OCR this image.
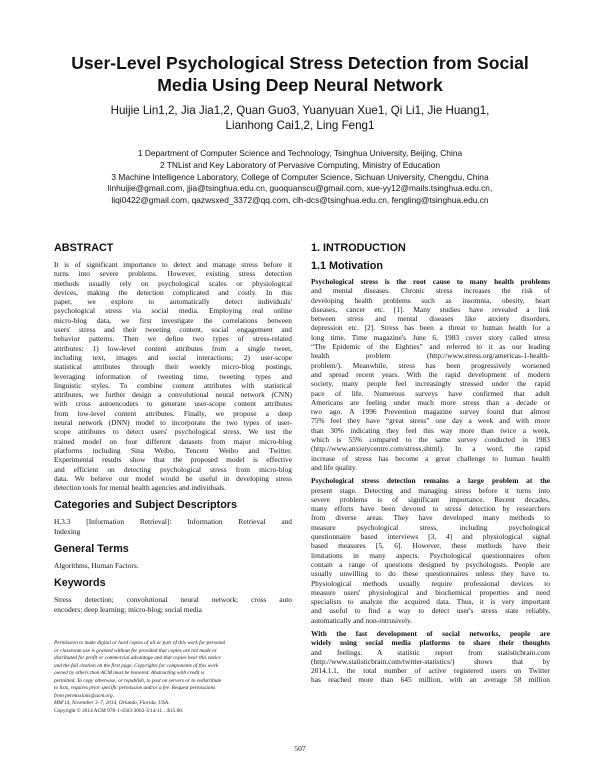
User-Level Psychological Stress Detection from Social
Media Using Deep Neural Network
Huijie Lin1,2, Jia Jia1,2, Quan Guo3, Yuanyuan Xue1, Qi Li1, Jie Huang1,
Lianhong Cai1,2, Ling Feng1
1 Department of Computer Science and Technology, Tsinghua University, Beijing, China
2 TNList and Key Laboratory of Pervasive Computing, Ministry of Education
3 Machine Intelligence Laboratory, College of Computer Science, Sichuan University, Chengdu, China
linhuijie@gmail.com, jjia@tsinghua.edu.cn, guoquanscu@gmail.com, xue-yy12@mails.tsinghua.edu.cn,
liqi0422@gmail.com, qazwsxed_3372@qq.com, clh-dcs@tsinghua.edu.cn, fengling@tsinghua.edu.cn
ABSTRACT
It is of significant importance to detect and manage stress before it
turns into severe problems. However, existing stress detection
methods usually rely on psychological scales or physiological
devices, making the detection complicated and costly. In this
paper, we explore to automatically detect individuals'
psychological stress via social media. Employing real online
micro-blog data, we first investigate the correlations between
users' stress and their tweeting content, social engagement and
behavior patterns. Then we define two types of stress-related
attributes: 1) low-level content attributes from a single tweet,
including text, images and social interactions; 2) user-scope
statistical attributes through their weekly micro-blog postings,
leveraging information of tweeting time, tweeting types and
linguistic styles. To combine content attributes with statistical
attributes, we further design a convolutional neural network (CNN)
with cross autoencoders to generate user-scope content attributes
from low-level content attributes. Finally, we propose a deep
neural network (DNN) model to incorporate the two types of user-
scope attributes to detect users' psychological stress. We test the
trained model on four different datasets from major micro-blog
platforms including Sina Weibo, Tencent Weibo and Twitter.
Experimental results show that the proposed model is effective
and efficient on detecting psychological stress from micro-blog
data. We believe our model would be useful in developing stress
detection tools for mental health agencies and individuals.
Categories and Subject Descriptors
H.3.3 [Information Retrieval]: Information Retrieval and
Indexing
General Terms
Algorithms, Human Factors.
Keywords
Stress detection; convolutional neural network; cross auto
encoders; deep learning; micro-blog; social media
Permission to make digital or hard copies of all or part of this work for personal
or classroom use is granted without fee provided that copies are not made or
distributed for profit or commercial advantage and that copies bear this notice
and the full citation on the first page. Copyrights for components of this work
owned by others than ACM must be honored. Abstracting with credit is
permitted. To copy otherwise, or republish, to post on servers or to redistribute
to lists, requires prior specific permission and/or a fee. Request permissions
from permissions@acm.org.
MM'14, November 3–7, 2014, Orlando, Florida, USA.
Copyright © 2014 ACM 978-1-4503-3063-3/14/11…$15.00.
1. INTRODUCTION
1.1 Motivation
Psychological stress is the root cause to many health problems
and mental diseases. Chronic stress increases the risk of
developing health problems such as insomnia, obesity, heart
diseases, cancer etc. [1]. Many studies have revealed a link
between stress and mental diseases like anxiety disorders,
depression etc. [2]. Stress has been a threat to human health for a
long time. Time magazine's June 6, 1983 cover story called stress
“The Epidemic of the Eighties” and referred to it as our leading
health problem (http://www.stress.org/americas-1-health-
problem/). Meanwhile, stress has been progressively worsened
and spread recent years. With the rapid development of modern
society, many people feel increasingly stressed under the rapid
pace of life. Numerous surveys have confirmed that adult
Americans are feeling under much more stress than a decade or
two ago. A 1996 Prevention magazine survey found that almost
75% feel they have “great stress” one day a week and with more
than 30% indicating they feel this way more than twice a week,
which is 55% compared to the same survey conducted in 1983
(http://www.anxietycentre.com/stress.shtml). In a word, the rapid
increase of stress has become a great challenge to human health
and life quality.
Psychological stress detection remains a large problem at the
present stage. Detecting and managing stress before it turns into
severe problems is of significant importance. Recent decades,
many efforts have been devoted to stress detection by researchers
from diverse areas. They have developed many methods to
measure psychological stress, including psychological
questionnaire based interviews [3, 4] and physiological signal
based measures [5, 6]. However, these methods have their
limitations in many aspects. Psychological questionnaires often
contain a range of questions designed by psychologists. People are
usually unwilling to do these questionnaires unless they have to.
Physiological methods usually require professional devices to
measure users' physiological and biochemical properties and need
specialists to analyze the acquired data. Thus, it is very important
and useful to find a way to detect user's stress state reliably,
automatically and non-intrusively.
With the fast development of social networks, people are
widely using social media platforms to share their thoughts
and feelings. A statistic report from statisticbrain.com
(http://www.statisticbrain.com/twitter-statistics/) shows that by
2014.1.1, the total number of active registered users on Twitter
has reached more than 645 million, with an average 58 million
507
